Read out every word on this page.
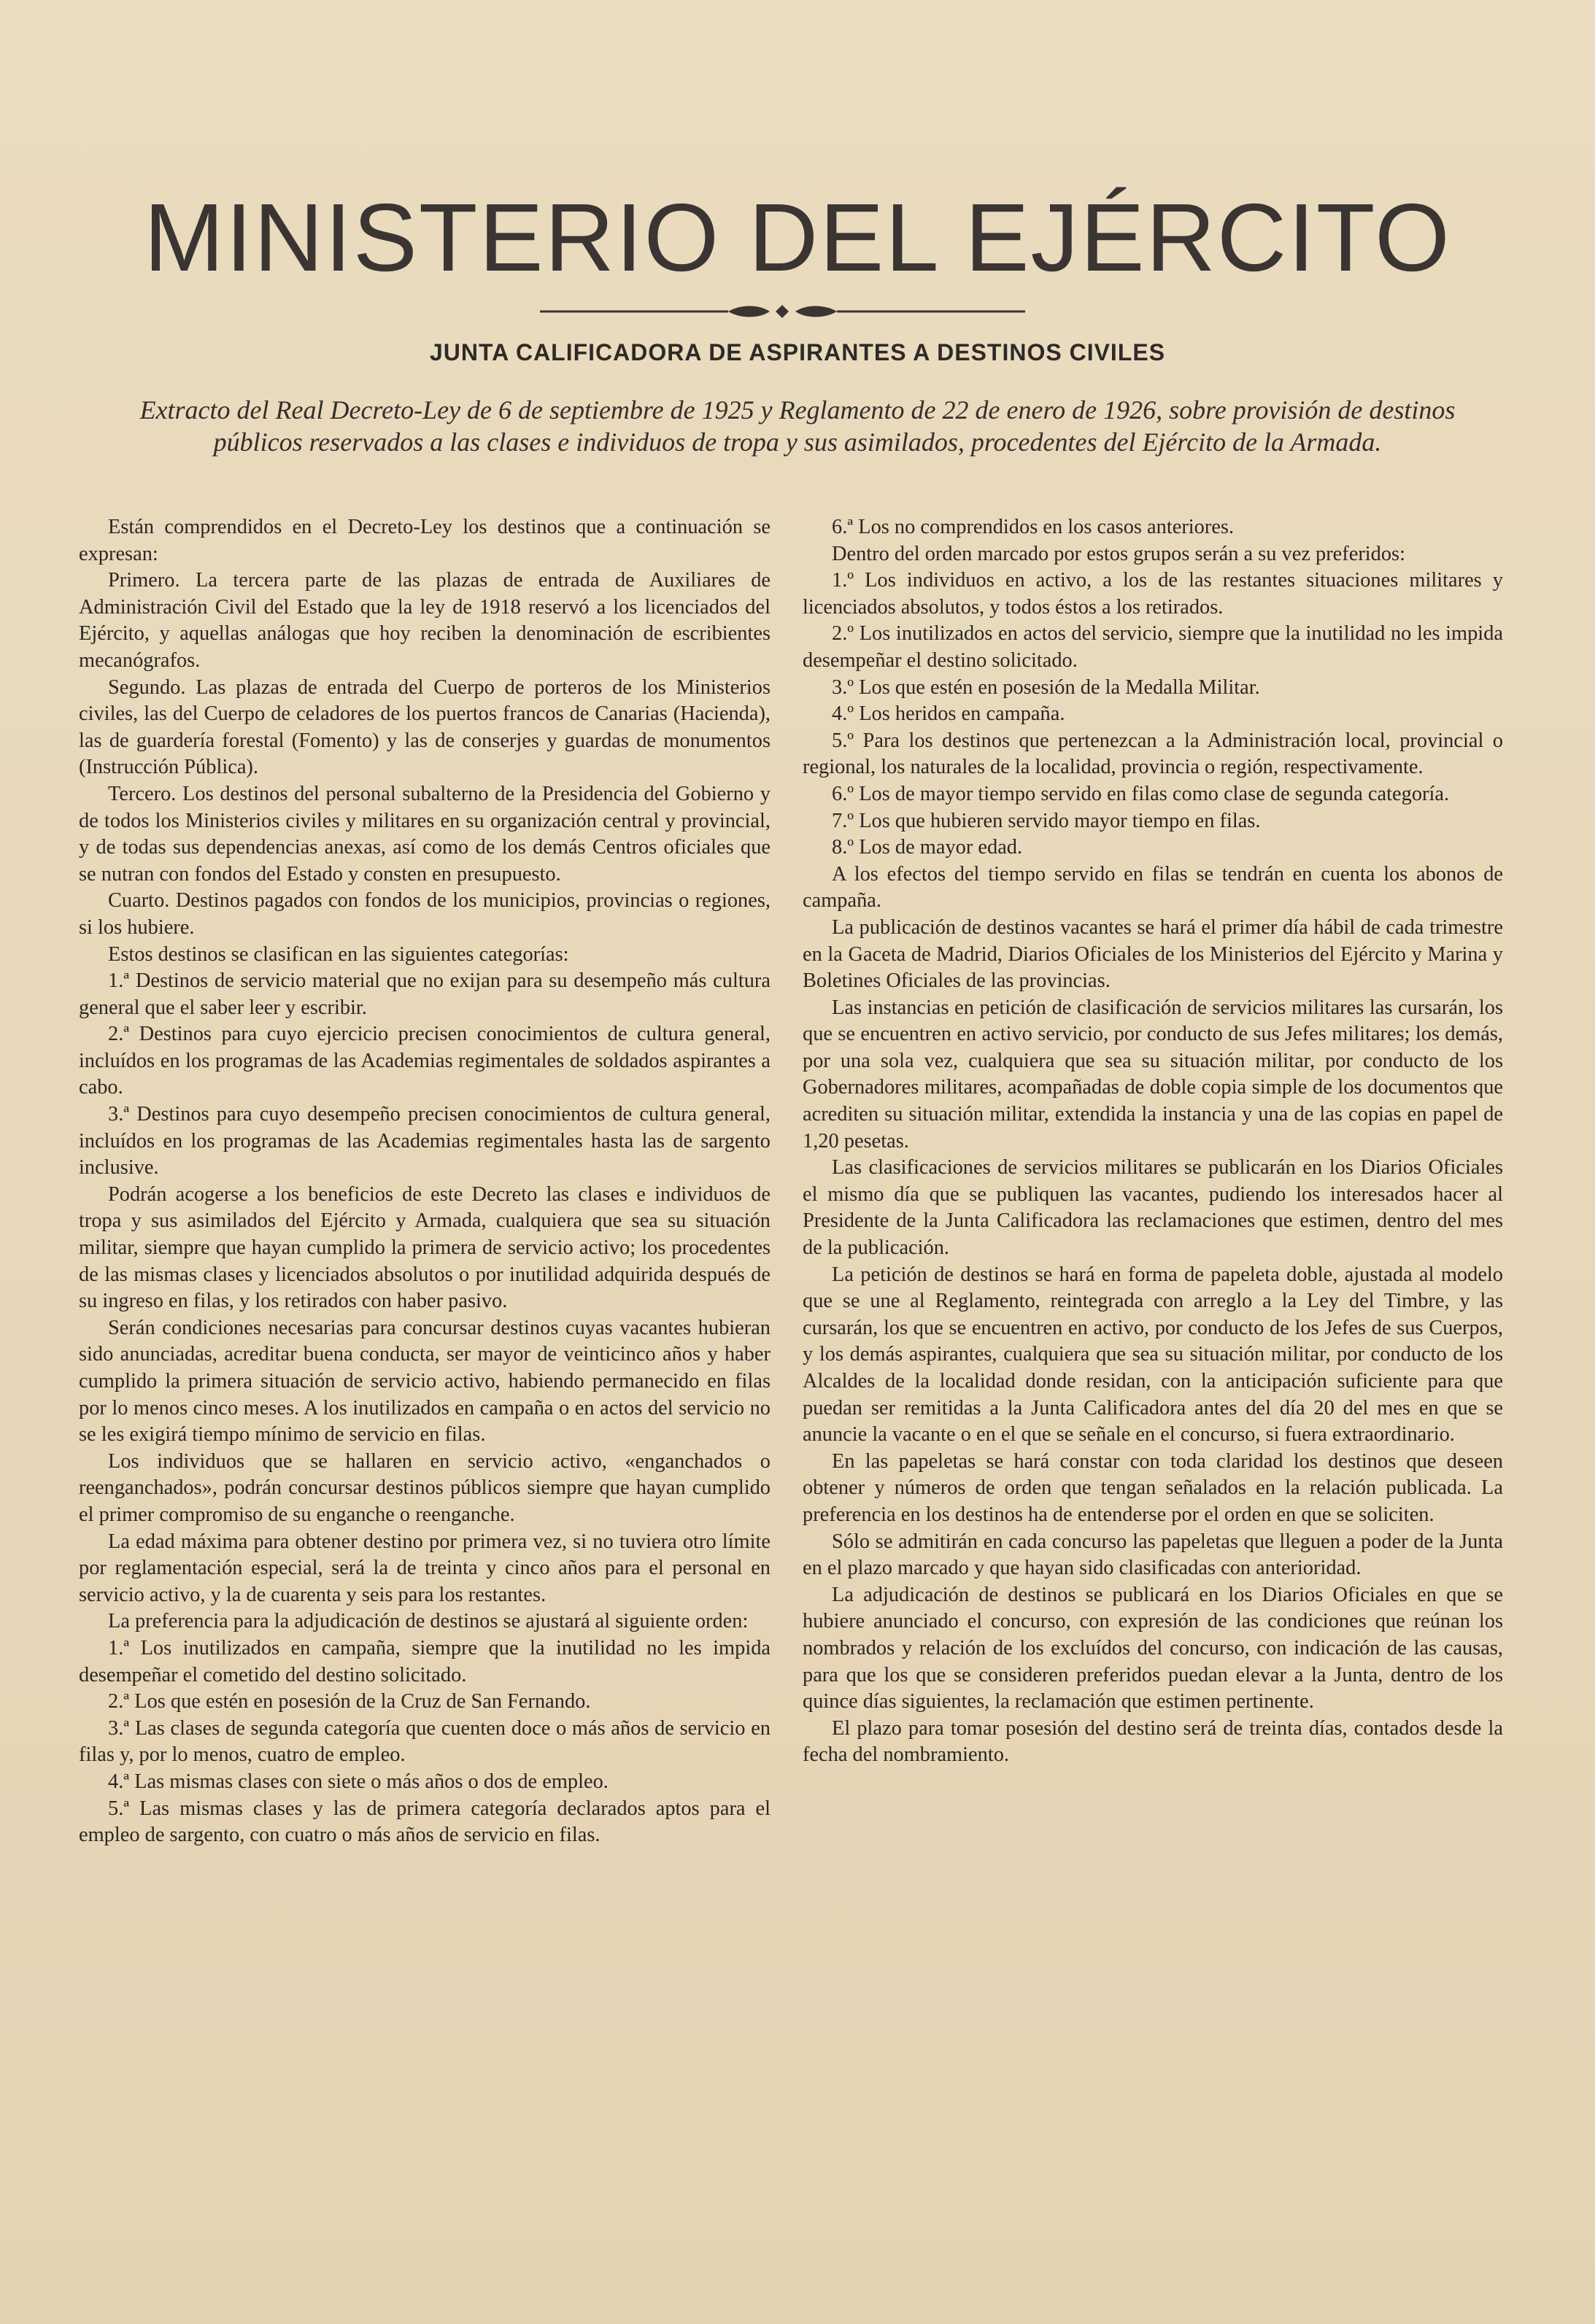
MINISTERIO DEL EJÉRCITO
JUNTA CALIFICADORA DE ASPIRANTES A DESTINOS CIVILES
Extracto del Real Decreto-Ley de 6 de septiembre de 1925 y Reglamento de 22 de enero de 1926, sobre provisión de destinos
públicos reservados a las clases e individuos de tropa y sus asimilados, procedentes del Ejército de la Armada.

Están comprendidos en el Decreto-Ley los destinos que a continuación se expresan:

Primero. La tercera parte de las plazas de entrada de Auxiliares de Administración Civil del Estado que la ley de 1918 reservó a los licenciados del Ejército, y aquellas análogas que hoy reciben la denominación de escribientes mecanógrafos.

Segundo. Las plazas de entrada del Cuerpo de porteros de los Ministerios civiles, las del Cuerpo de celadores de los puertos francos de Canarias (Hacienda), las de guardería forestal (Fomento) y las de conserjes y guardas de monumentos (Instrucción Pública).

Tercero. Los destinos del personal subalterno de la Presidencia del Gobierno y de todos los Ministerios civiles y militares en su organización central y provincial, y de todas sus dependencias anexas, así como de los demás Centros oficiales que se nutran con fondos del Estado y consten en presupuesto.

Cuarto. Destinos pagados con fondos de los municipios, provincias o regiones, si los hubiere.

Estos destinos se clasifican en las siguientes categorías:

1.ª Destinos de servicio material que no exijan para su desempeño más cultura general que el saber leer y escribir.

2.ª Destinos para cuyo ejercicio precisen conocimientos de cultura general, incluídos en los programas de las Academias regimentales de soldados aspirantes a cabo.

3.ª Destinos para cuyo desempeño precisen conocimientos de cultura general, incluídos en los programas de las Academias regimentales hasta las de sargento inclusive.

Podrán acogerse a los beneficios de este Decreto las clases e individuos de tropa y sus asimilados del Ejército y Armada, cualquiera que sea su situación militar, siempre que hayan cumplido la primera de servicio activo; los procedentes de las mismas clases y licenciados absolutos o por inutilidad adquirida después de su ingreso en filas, y los retirados con haber pasivo.

Serán condiciones necesarias para concursar destinos cuyas vacantes hubieran sido anunciadas, acreditar buena conducta, ser mayor de veinticinco años y haber cumplido la primera situación de servicio activo, habiendo permanecido en filas por lo menos cinco meses. A los inutilizados en campaña o en actos del servicio no se les exigirá tiempo mínimo de servicio en filas.

Los individuos que se hallaren en servicio activo, «enganchados o reenganchados», podrán concursar destinos públicos siempre que hayan cumplido el primer compromiso de su enganche o reenganche.

La edad máxima para obtener destino por primera vez, si no tuviera otro límite por reglamentación especial, será la de treinta y cinco años para el personal en servicio activo, y la de cuarenta y seis para los restantes.

La preferencia para la adjudicación de destinos se ajustará al siguiente orden:

1.ª Los inutilizados en campaña, siempre que la inutilidad no les impida desempeñar el cometido del destino solicitado.

2.ª Los que estén en posesión de la Cruz de San Fernando.

3.ª Las clases de segunda categoría que cuenten doce o más años de servicio en filas y, por lo menos, cuatro de empleo.

4.ª Las mismas clases con siete o más años o dos de empleo.

5.ª Las mismas clases y las de primera categoría declarados aptos para el empleo de sargento, con cuatro o más años de servicio en filas.

6.ª Los no comprendidos en los casos anteriores.

Dentro del orden marcado por estos grupos serán a su vez preferidos:

1.º Los individuos en activo, a los de las restantes situaciones militares y licenciados absolutos, y todos éstos a los retirados.

2.º Los inutilizados en actos del servicio, siempre que la inutilidad no les impida desempeñar el destino solicitado.

3.º Los que estén en posesión de la Medalla Militar.

4.º Los heridos en campaña.

5.º Para los destinos que pertenezcan a la Administración local, provincial o regional, los naturales de la localidad, provincia o región, respectivamente.

6.º Los de mayor tiempo servido en filas como clase de segunda categoría.

7.º Los que hubieren servido mayor tiempo en filas.

8.º Los de mayor edad.

A los efectos del tiempo servido en filas se tendrán en cuenta los abonos de campaña.

La publicación de destinos vacantes se hará el primer día hábil de cada trimestre en la Gaceta de Madrid, Diarios Oficiales de los Ministerios del Ejército y Marina y Boletines Oficiales de las provincias.

Las instancias en petición de clasificación de servicios militares las cursarán, los que se encuentren en activo servicio, por conducto de sus Jefes militares; los demás, por una sola vez, cualquiera que sea su situación militar, por conducto de los Gobernadores militares, acompañadas de doble copia simple de los documentos que acrediten su situación militar, extendida la instancia y una de las copias en papel de 1,20 pesetas.

Las clasificaciones de servicios militares se publicarán en los Diarios Oficiales el mismo día que se publiquen las vacantes, pudiendo los interesados hacer al Presidente de la Junta Calificadora las reclamaciones que estimen, dentro del mes de la publicación.

La petición de destinos se hará en forma de papeleta doble, ajustada al modelo que se une al Reglamento, reintegrada con arreglo a la Ley del Timbre, y las cursarán, los que se encuentren en activo, por conducto de los Jefes de sus Cuerpos, y los demás aspirantes, cualquiera que sea su situación militar, por conducto de los Alcaldes de la localidad donde residan, con la anticipación suficiente para que puedan ser remitidas a la Junta Calificadora antes del día 20 del mes en que se anuncie la vacante o en el que se señale en el concurso, si fuera extraordinario.

En las papeletas se hará constar con toda claridad los destinos que deseen obtener y números de orden que tengan señalados en la relación publicada. La preferencia en los destinos ha de entenderse por el orden en que se soliciten.

Sólo se admitirán en cada concurso las papeletas que lleguen a poder de la Junta en el plazo marcado y que hayan sido clasificadas con anterioridad.

La adjudicación de destinos se publicará en los Diarios Oficiales en que se hubiere anunciado el concurso, con expresión de las condiciones que reúnan los nombrados y relación de los excluídos del concurso, con indicación de las causas, para que los que se consideren preferidos puedan elevar a la Junta, dentro de los quince días siguientes, la reclamación que estimen pertinente.

El plazo para tomar posesión del destino será de treinta días, contados desde la fecha del nombramiento.
